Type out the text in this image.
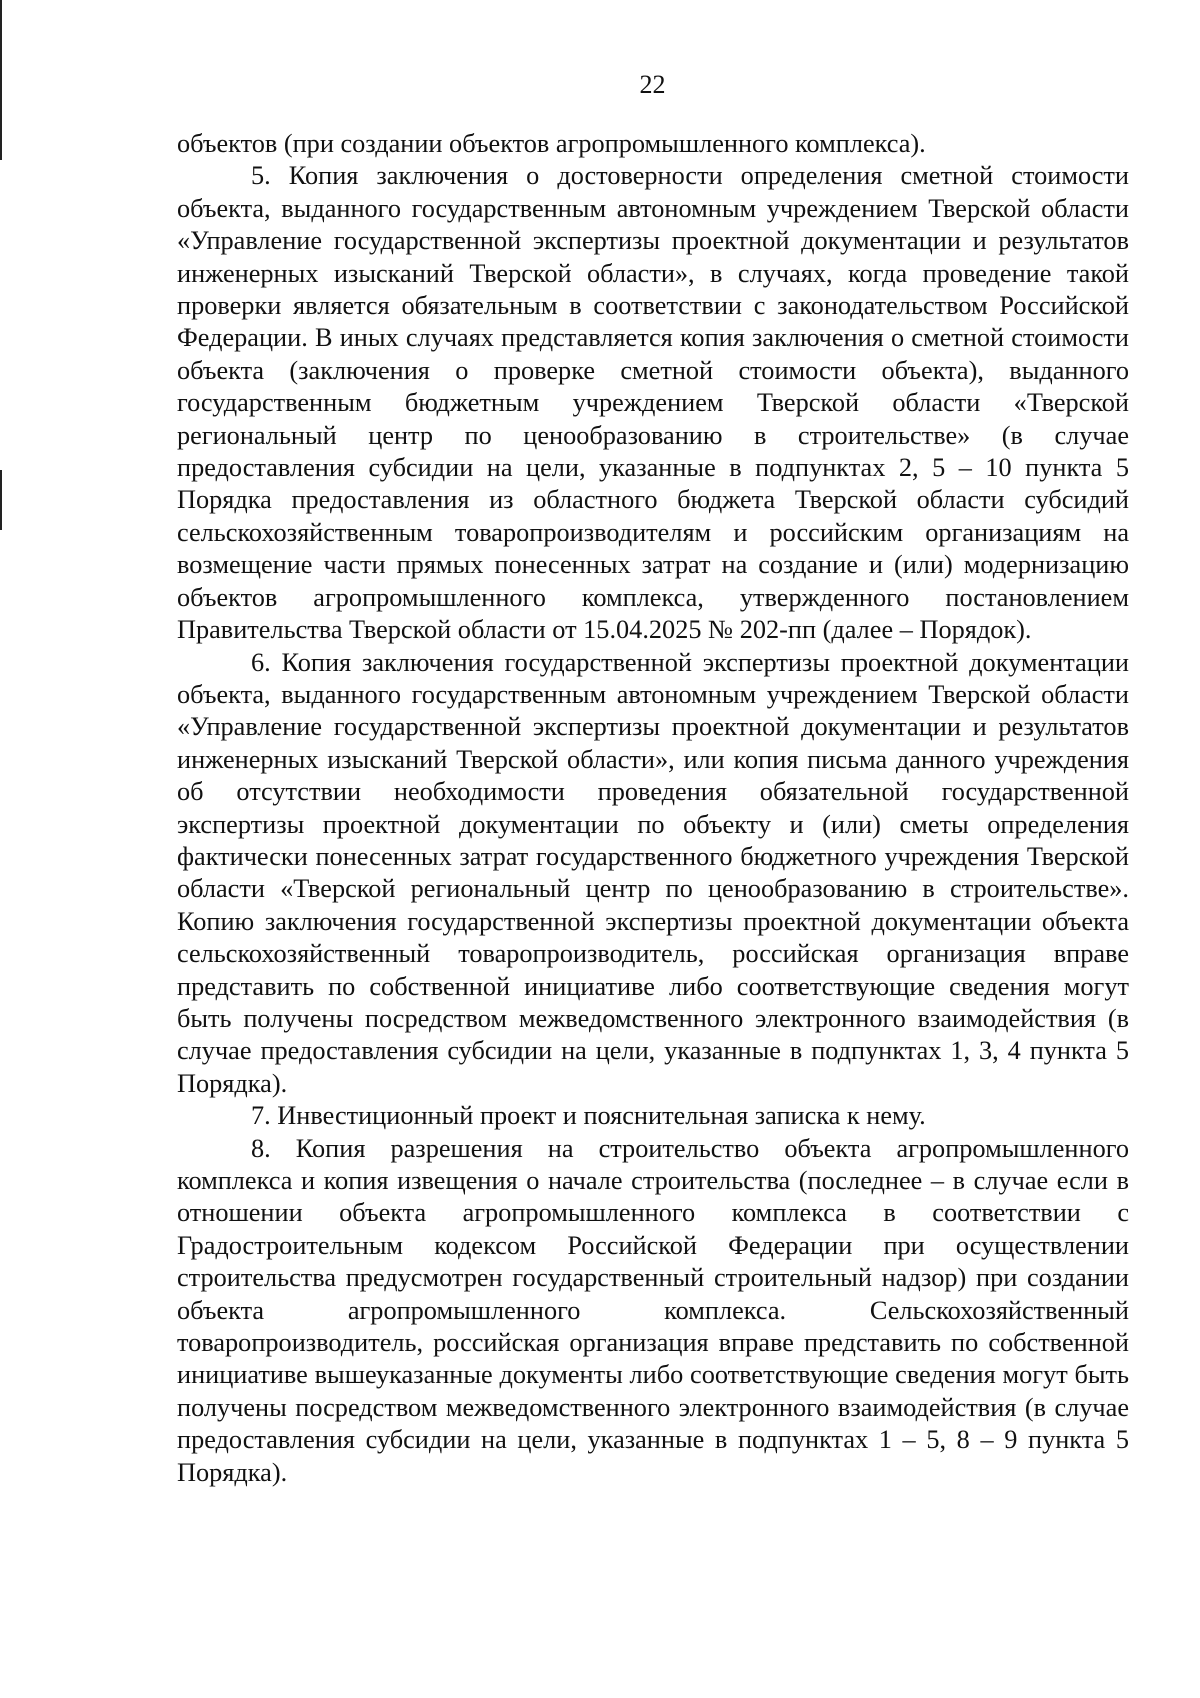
22

объектов (при создании объектов агропромышленного комплекса).

5. Копия заключения о достоверности определения сметной стоимости объекта, выданного государственным автономным учреждением Тверской области «Управление государственной экспертизы проектной документации и результатов инженерных изысканий Тверской области», в случаях, когда проведение такой проверки является обязательным в соответствии с законодательством Российской Федерации. В иных случаях представляется копия заключения о сметной стоимости объекта (заключения о проверке сметной стоимости объекта), выданного государственным бюджетным учреждением Тверской области «Тверской региональный центр по ценообразованию в строительстве» (в случае предоставления субсидии на цели, указанные в подпунктах 2, 5 – 10 пункта 5 Порядка предоставления из областного бюджета Тверской области субсидий сельскохозяйственным товаропроизводителям и российским организациям на возмещение части прямых понесенных затрат на создание и (или) модернизацию объектов агропромышленного комплекса, утвержденного постановлением Правительства Тверской области от 15.04.2025 № 202-пп (далее – Порядок).

6. Копия заключения государственной экспертизы проектной документации объекта, выданного государственным автономным учреждением Тверской области «Управление государственной экспертизы проектной документации и результатов инженерных изысканий Тверской области», или копия письма данного учреждения об отсутствии необходимости проведения обязательной государственной экспертизы проектной документации по объекту и (или) сметы определения фактически понесенных затрат государственного бюджетного учреждения Тверской области «Тверской региональный центр по ценообразованию в строительстве». Копию заключения государственной экспертизы проектной документации объекта сельскохозяйственный товаропроизводитель, российская организация вправе представить по собственной инициативе либо соответствующие сведения могут быть получены посредством межведомственного электронного взаимодействия (в случае предоставления субсидии на цели, указанные в подпунктах 1, 3, 4 пункта 5 Порядка).

7. Инвестиционный проект и пояснительная записка к нему.

8. Копия разрешения на строительство объекта агропромышленного комплекса и копия извещения о начале строительства (последнее – в случае если в отношении объекта агропромышленного комплекса в соответствии с Градостроительным кодексом Российской Федерации при осуществлении строительства предусмотрен государственный строительный надзор) при создании объекта агропромышленного комплекса. Сельскохозяйственный товаропроизводитель, российская организация вправе представить по собственной инициативе вышеуказанные документы либо соответствующие сведения могут быть получены посредством межведомственного электронного взаимодействия (в случае предоставления субсидии на цели, указанные в подпунктах 1 – 5, 8 – 9 пункта 5 Порядка).
